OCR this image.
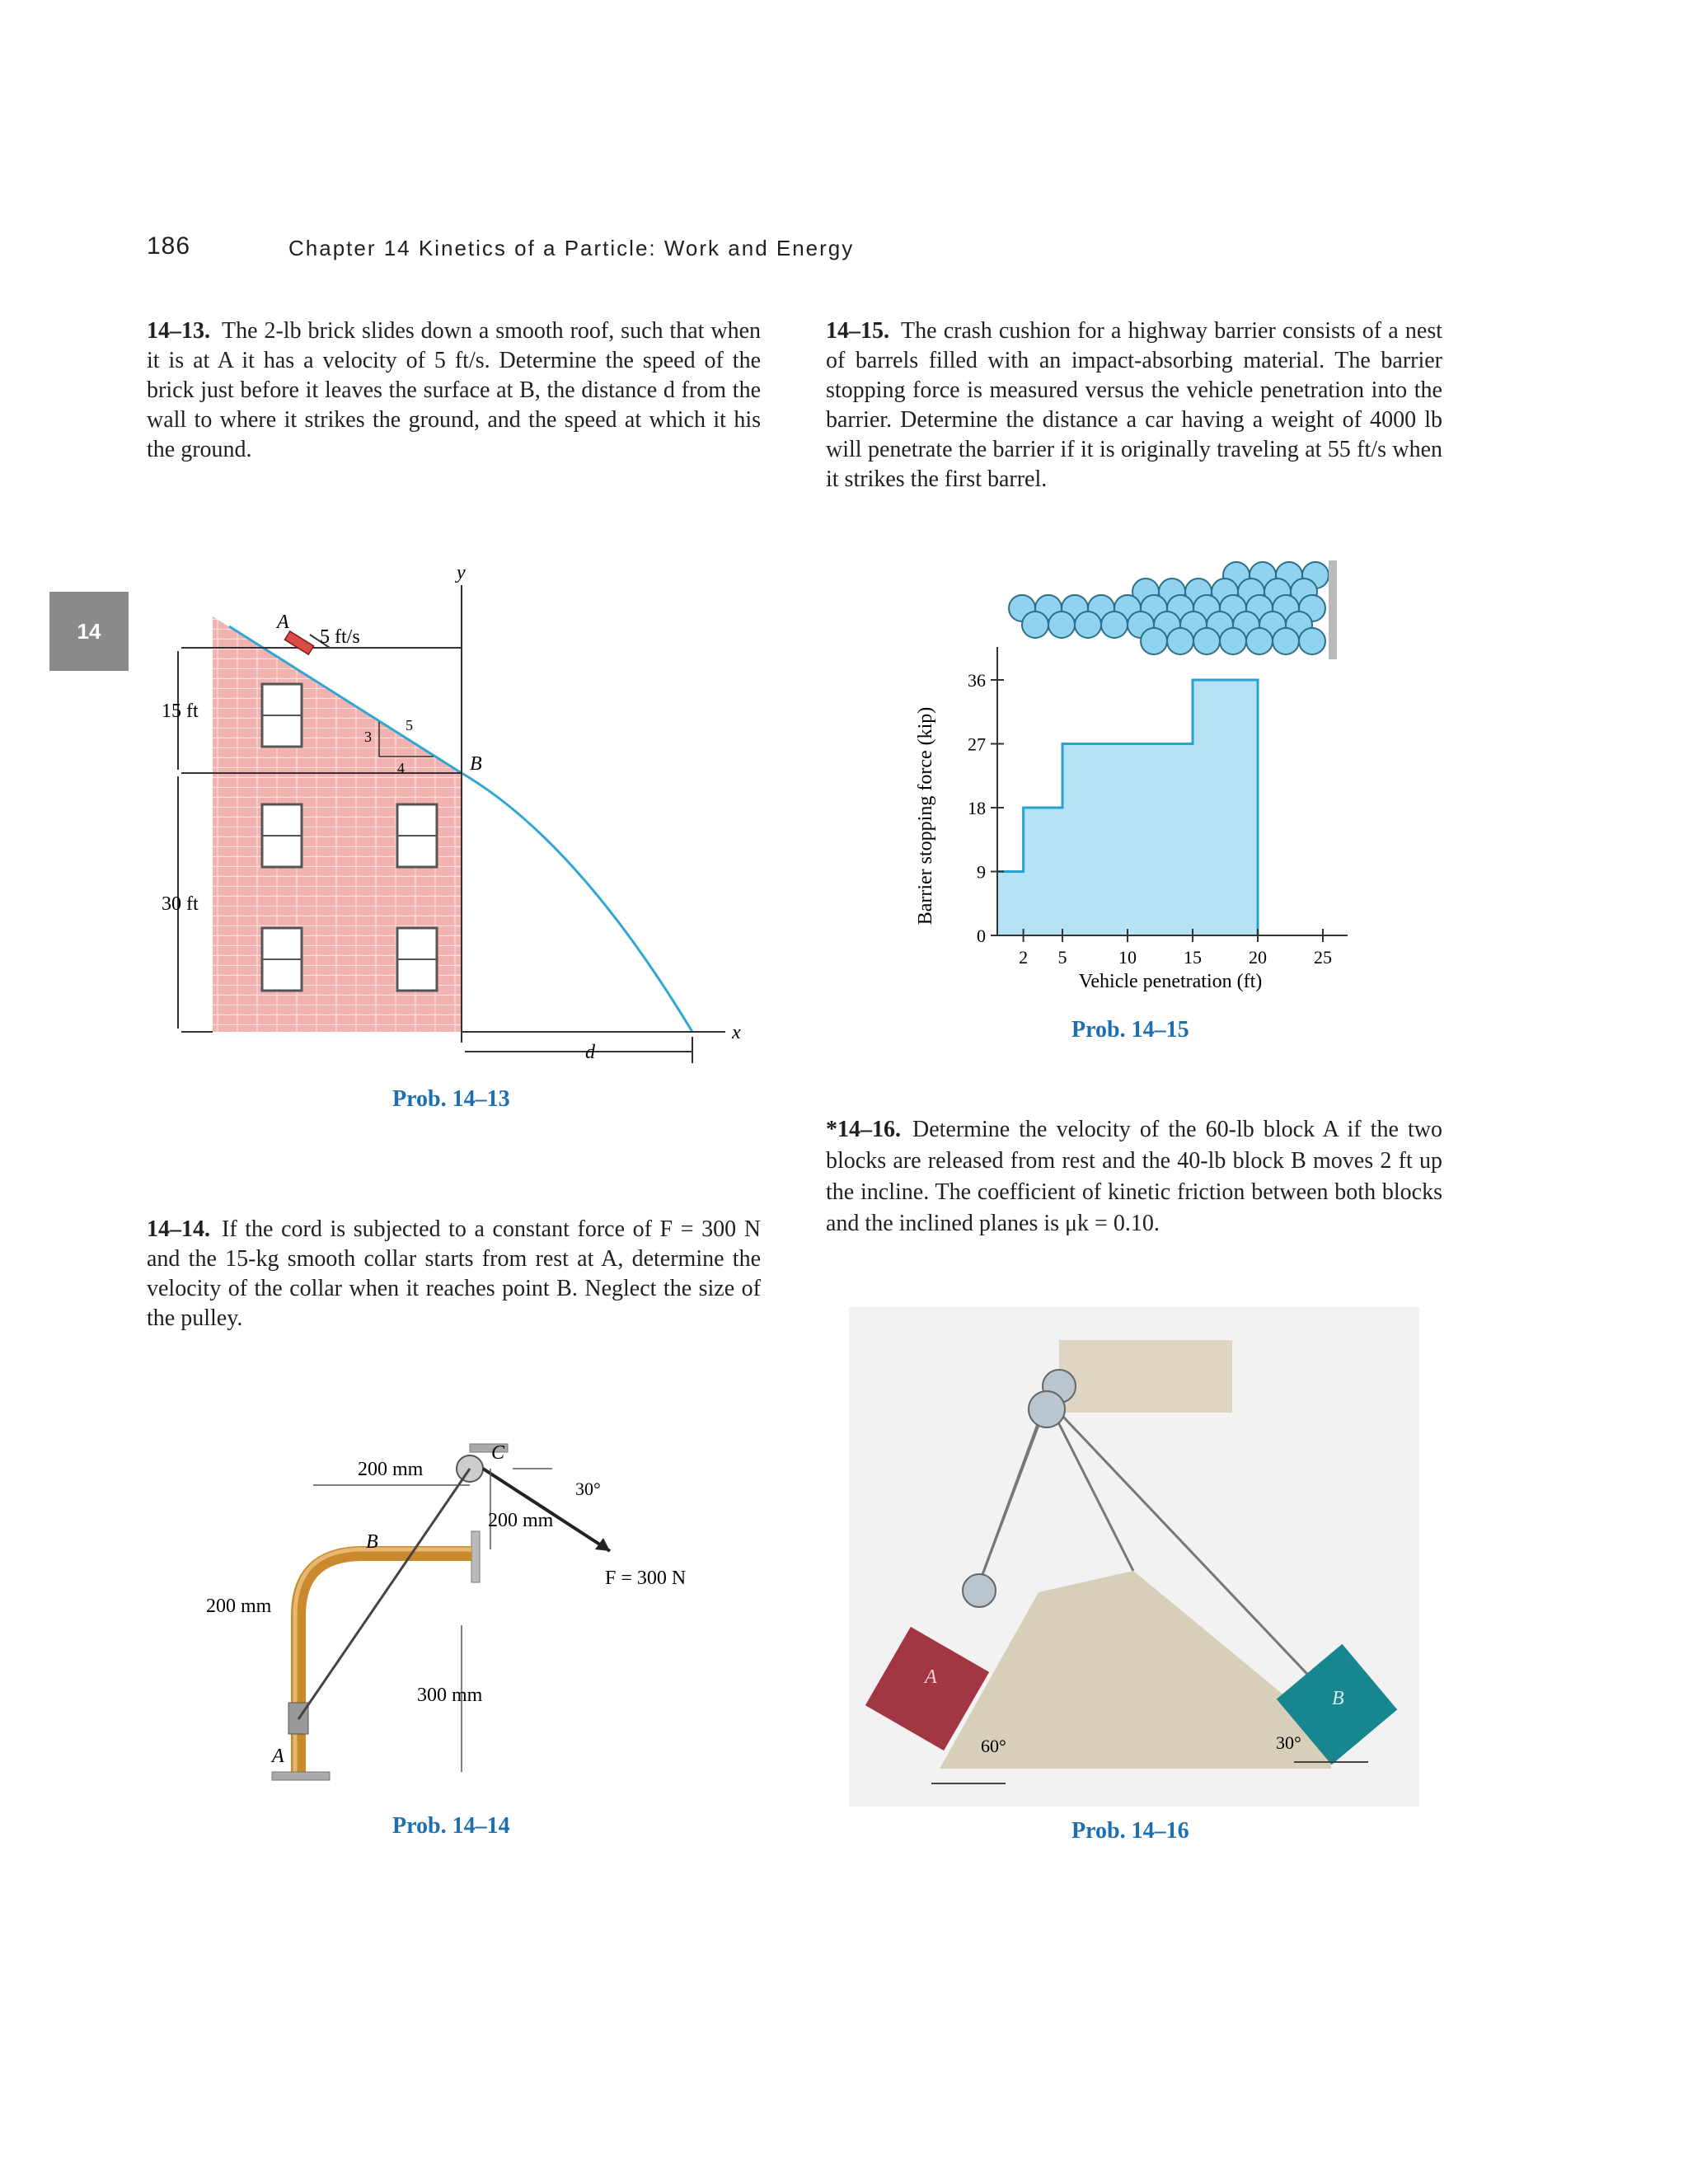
186	Chapter 14 Kinetics of a Particle: Work and Energy
14
14–13. The 2-lb brick slides down a smooth roof, such that when it is at A it has a velocity of 5 ft/s. Determine the speed of the brick just before it leaves the surface at B, the distance d from the wall to where it strikes the ground, and the speed at which it his the ground.
14–15. The crash cushion for a highway barrier consists of a nest of barrels filled with an impact-absorbing material. The barrier stopping force is measured versus the vehicle penetration into the barrier. Determine the distance a car having a weight of 4000 lb will penetrate the barrier if it is originally traveling at 55 ft/s when it strikes the first barrel.
y
A
5 ft/s
B
15 ft
30 ft
d
x
3
4
5
Prob. 14–13
2 5	10	15	20	25
0
9
18
27
36
Vehicle penetration (ft)
Barrier stopping force (kip)
Prob. 14–15
*14–16. Determine the velocity of the 60-lb block A if the two blocks are released from rest and the 40-lb block B moves 2 ft up the incline. The coefficient of kinetic friction between both blocks and the inclined planes is μk = 0.10.
14–14. If the cord is subjected to a constant force of F = 300 N and the 15-kg smooth collar starts from rest at A, determine the velocity of the collar when it reaches point B. Neglect the size of the pulley.
200 mm
200 mm
200 mm
300 mm
30°
F = 300 N
A
B
C
Prob. 14–14
A
B
60°	30°
Prob. 14–16
